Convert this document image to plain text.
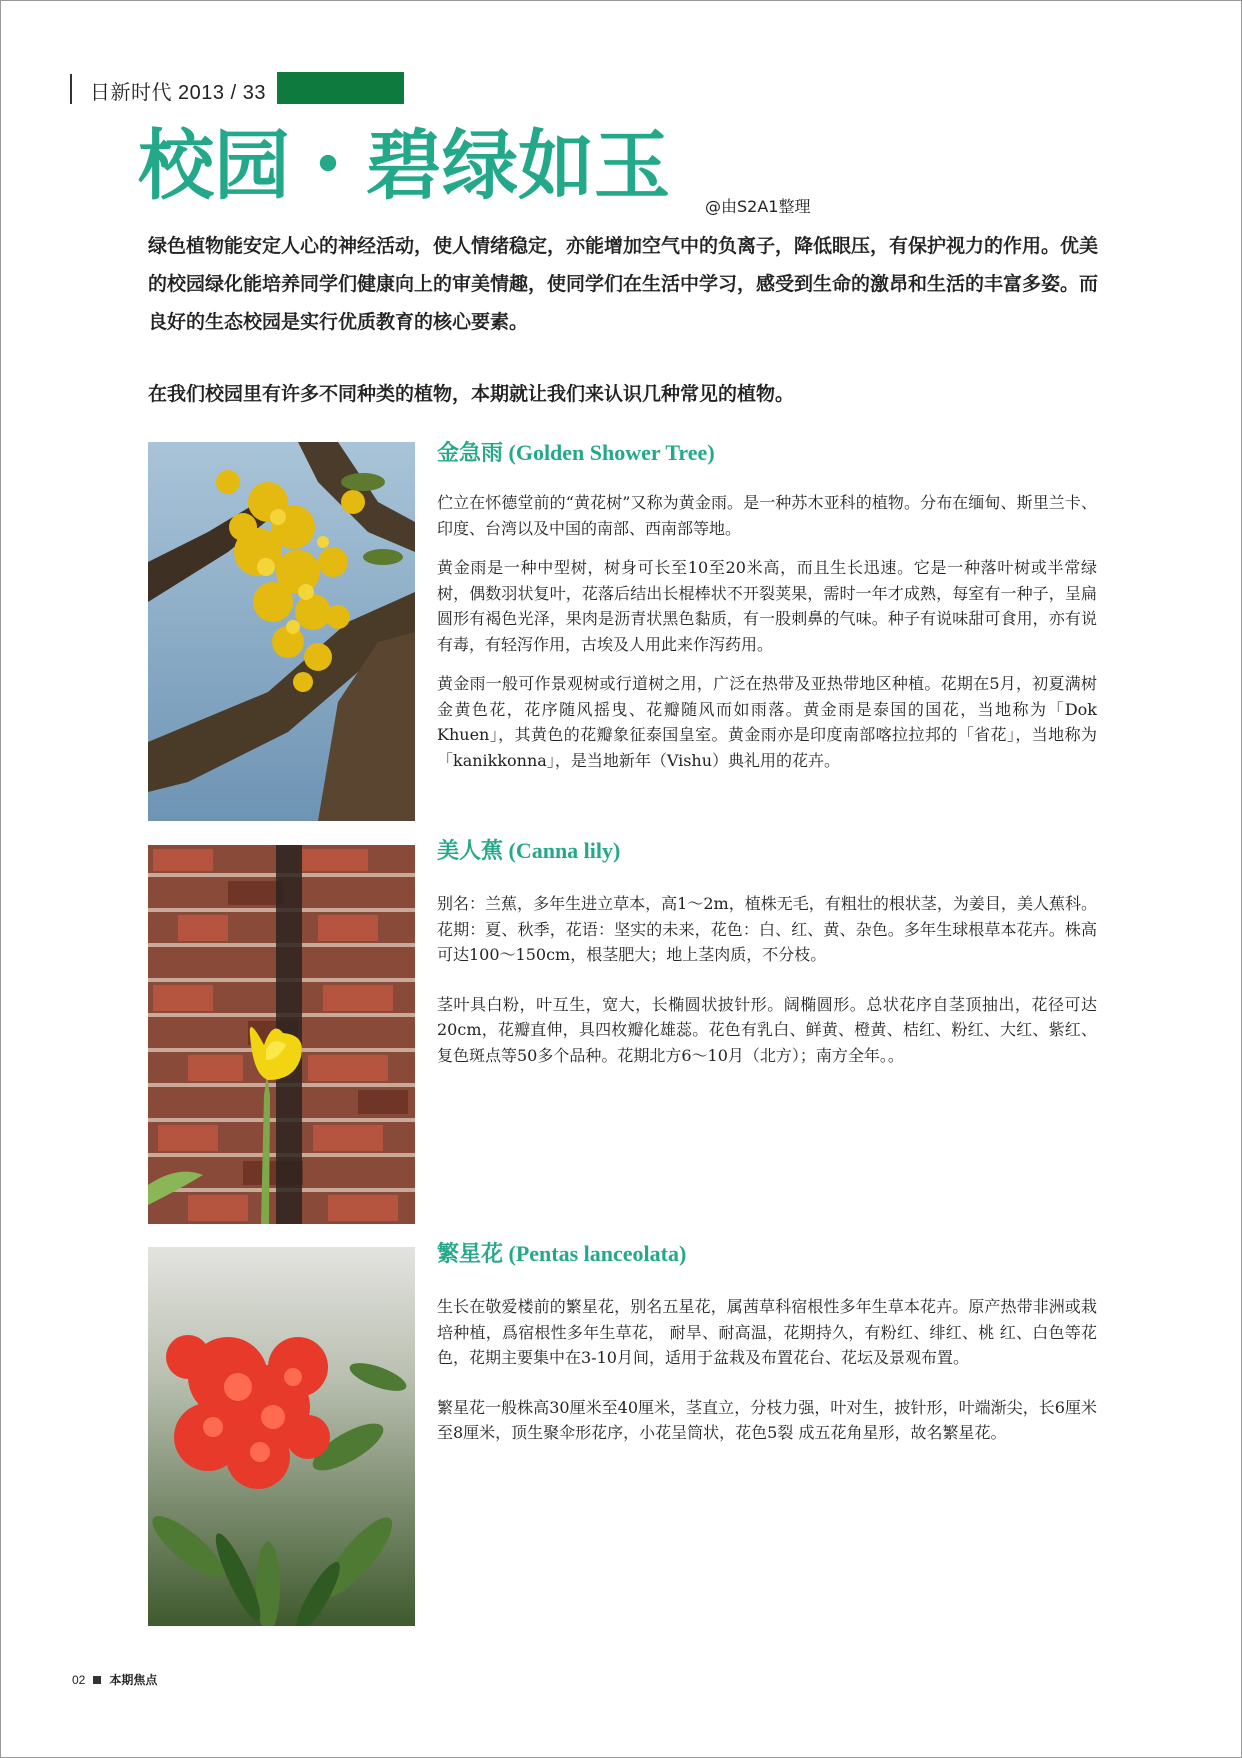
日新时代 2013 / 33
校园・碧绿如玉 @由S2A1整理
绿色植物能安定人心的神经活动，使人情绪稳定，亦能增加空气中的负离子，降低眼压，有保护视力的作用。优美的校园绿化能培养同学们健康向上的审美情趣，使同学们在生活中学习，感受到生命的激昂和生活的丰富多姿。而良好的生态校园是实行优质教育的核心要素。
在我们校园里有许多不同种类的植物，本期就让我们来认识几种常见的植物。
金急雨 (Golden Shower Tree)

伫立在怀德堂前的“黄花树”又称为黄金雨。是一种苏木亚科的植物。分布在缅甸、斯里兰卡、印度、台湾以及中国的南部、西南部等地。

黄金雨是一种中型树，树身可长至10至20米高，而且生长迅速。它是一种落叶树或半常绿树，偶数羽状复叶，花落后结出长棍棒状不开裂荚果，需时一年才成熟，每室有一种子，呈扁圆形有褐色光泽，果肉是沥青状黑色黏质，有一股刺鼻的气味。种子有说味甜可食用，亦有说有毒，有轻泻作用，古埃及人用此来作泻药用。

黄金雨一般可作景观树或行道树之用，广泛在热带及亚热带地区种植。花期在5月，初夏满树金黄色花，花序随风摇曳、花瓣随风而如雨落。黄金雨是泰国的国花，当地称为「Dok Khuen」，其黄色的花瓣象征泰国皇室。黄金雨亦是印度南部喀拉拉邦的「省花」，当地称为「kanikkonna」，是当地新年（Vishu）典礼用的花卉。

美人蕉 (Canna lily)

别名：兰蕉，多年生进立草本，高1～2m，植株无毛，有粗壮的根状茎，为姜目，美人蕉科。花期：夏、秋季，花语：坚实的未来，花色：白、红、黄、杂色。多年生球根草本花卉。株高可达100～150cm，根茎肥大；地上茎肉质，不分枝。

茎叶具白粉，叶互生，宽大，长椭圆状披针形。阔椭圆形。总状花序自茎顶抽出，花径可达20cm，花瓣直伸，具四枚瓣化雄蕊。花色有乳白、鲜黄、橙黄、桔红、粉红、大红、紫红、复色斑点等50多个品种。花期北方6～10月（北方）；南方全年。。

繁星花 (Pentas lanceolata)

生长在敬爱楼前的繁星花，别名五星花，属茜草科宿根性多年生草本花卉。原产热带非洲或栽培种植，爲宿根性多年生草花， 耐旱、耐高温，花期持久，有粉红、绯红、桃 红、白色等花色，花期主要集中在3-10月间，适用于盆栽及布置花台、花坛及景观布置。

繁星花一般株高30厘米至40厘米，茎直立，分枝力强，叶对生，披针形，叶端渐尖，长6厘米至8厘米，顶生聚伞形花序，小花呈筒状，花色5裂 成五花角星形，故名繁星花。

02 本期焦点
